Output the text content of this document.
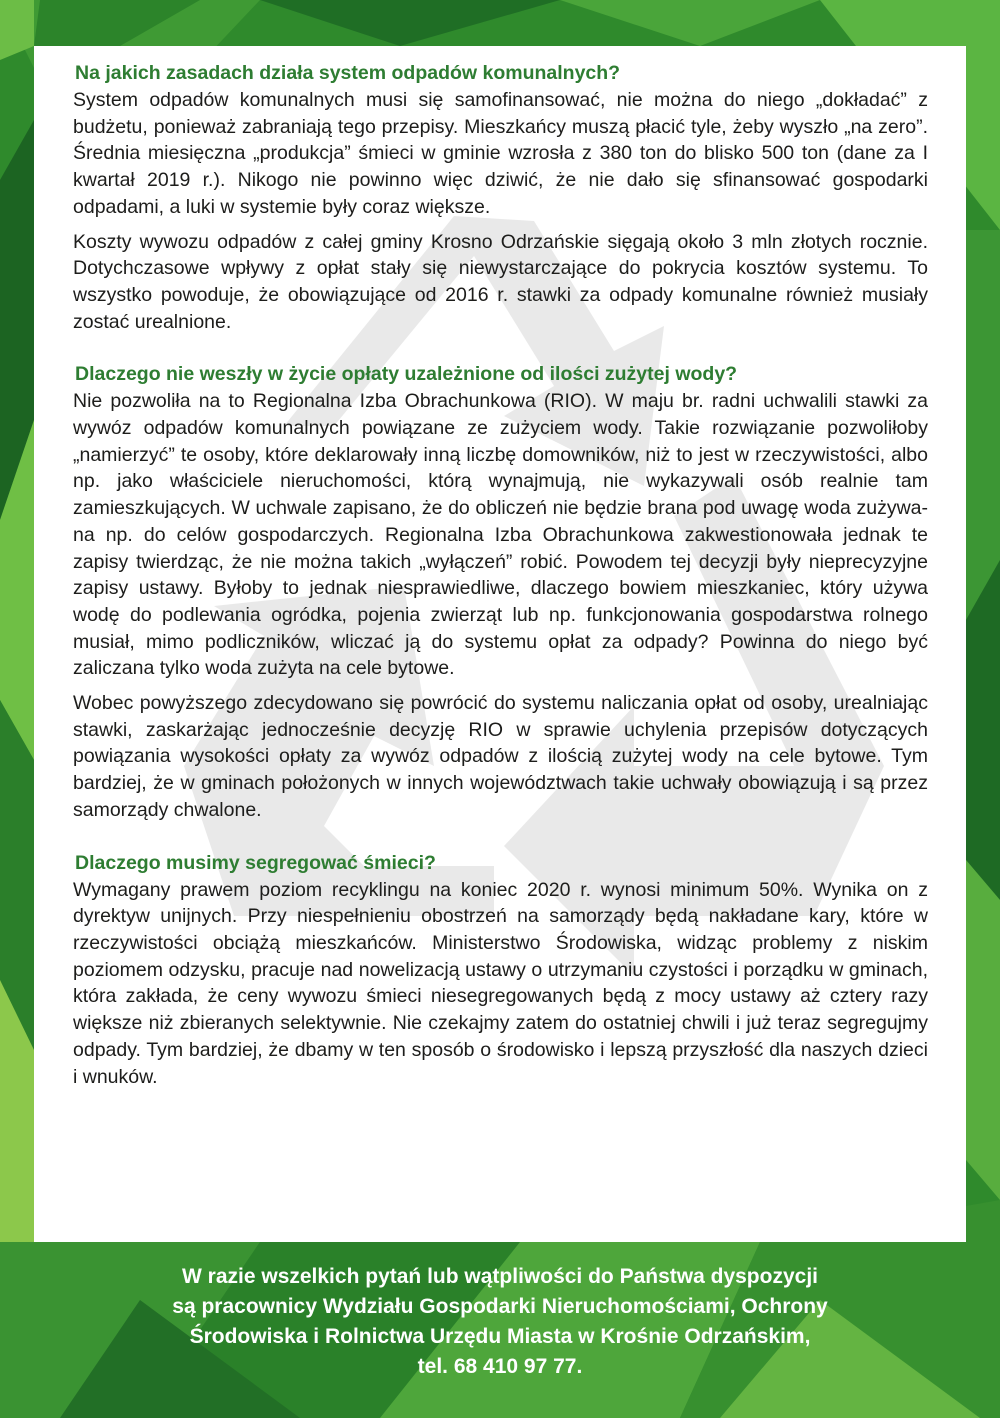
Na jakich zasadach działa system odpadów komunalnych?

System odpadów komunalnych musi się samofinansować, nie można do niego „dokładać” z budżetu, ponieważ zabraniają tego przepisy. Mieszkańcy muszą płacić tyle, żeby wyszło „na zero”. Średnia miesięczna „produkcja” śmieci w gminie wzrosła z 380 ton do blisko 500 ton (dane za I kwartał 2019 r.). Nikogo nie powinno więc dziwić, że nie dało się sfinansować gospodarki odpadami, a luki w systemie były coraz większe.

Koszty wywozu odpadów z całej gminy Krosno Odrzańskie sięgają około 3 mln złotych rocznie. Dotychczasowe wpływy z opłat stały się niewystarczające do pokrycia kosztów systemu. To wszystko powoduje, że obowiązujące od 2016 r. stawki za odpady komunalne również musiały zostać urealnione.

Dlaczego nie weszły w życie opłaty uzależnione od ilości zużytej wody?

Nie pozwoliła na to Regionalna Izba Obrachunkowa (RIO). W maju br. radni uchwalili stawki za wywóz odpadów komunalnych powiązane ze zużyciem wody. Takie rozwiązanie pozwoliłoby „namierzyć” te osoby, które deklarowały inną liczbę domowników, niż to jest w rzeczywistości, albo np. jako właściciele nieruchomości, którą wynajmują, nie wykazywali osób realnie tam zamieszkujących. W uchwale zapisano, że do obliczeń nie będzie brana pod uwagę woda zużywana np. do celów gospodarczych. Regionalna Izba Obrachunkowa zakwestionowała jednak te zapisy twierdząc, że nie można takich „wyłączeń” robić. Powodem tej decyzji były nieprecyzyjne zapisy ustawy. Byłoby to jednak niesprawiedliwe, dlaczego bowiem mieszkaniec, który używa wodę do podlewania ogródka, pojenia zwierząt lub np. funkcjonowania gospodarstwa rolnego musiał, mimo podliczników, wliczać ją do systemu opłat za odpady? Powinna do niego być zaliczana tylko woda zużyta na cele bytowe.

Wobec powyższego zdecydowano się powrócić do systemu naliczania opłat od osoby, urealniając stawki, zaskarżając jednocześnie decyzję RIO w sprawie uchylenia przepisów dotyczących powiązania wysokości opłaty za wywóz odpadów z ilością zużytej wody na cele bytowe. Tym bardziej, że w gminach położonych w innych województwach takie uchwały obowiązują i są przez samorządy chwalone.

Dlaczego musimy segregować śmieci?

Wymagany prawem poziom recyklingu na koniec 2020 r. wynosi minimum 50%. Wynika on z dyrektyw unijnych. Przy niespełnieniu obostrzeń na samorządy będą nakładane kary, które w rzeczywistości obciążą mieszkańców. Ministerstwo Środowiska, widząc problemy z niskim poziomem odzysku, pracuje nad nowelizacją ustawy o utrzymaniu czystości i porządku w gminach, która zakłada, że ceny wywozu śmieci niesegregowanych będą z mocy ustawy aż cztery razy większe niż zbieranych selektywnie. Nie czekajmy zatem do ostatniej chwili i już teraz segregujmy odpady. Tym bardziej, że dbamy w ten sposób o środowisko i lepszą przyszłość dla naszych dzieci i wnuków.

W razie wszelkich pytań lub wątpliwości do Państwa dyspozycji
są pracownicy Wydziału Gospodarki Nieruchomościami, Ochrony
Środowiska i Rolnictwa Urzędu Miasta w Krośnie Odrzańskim,
tel. 68 410 97 77.
